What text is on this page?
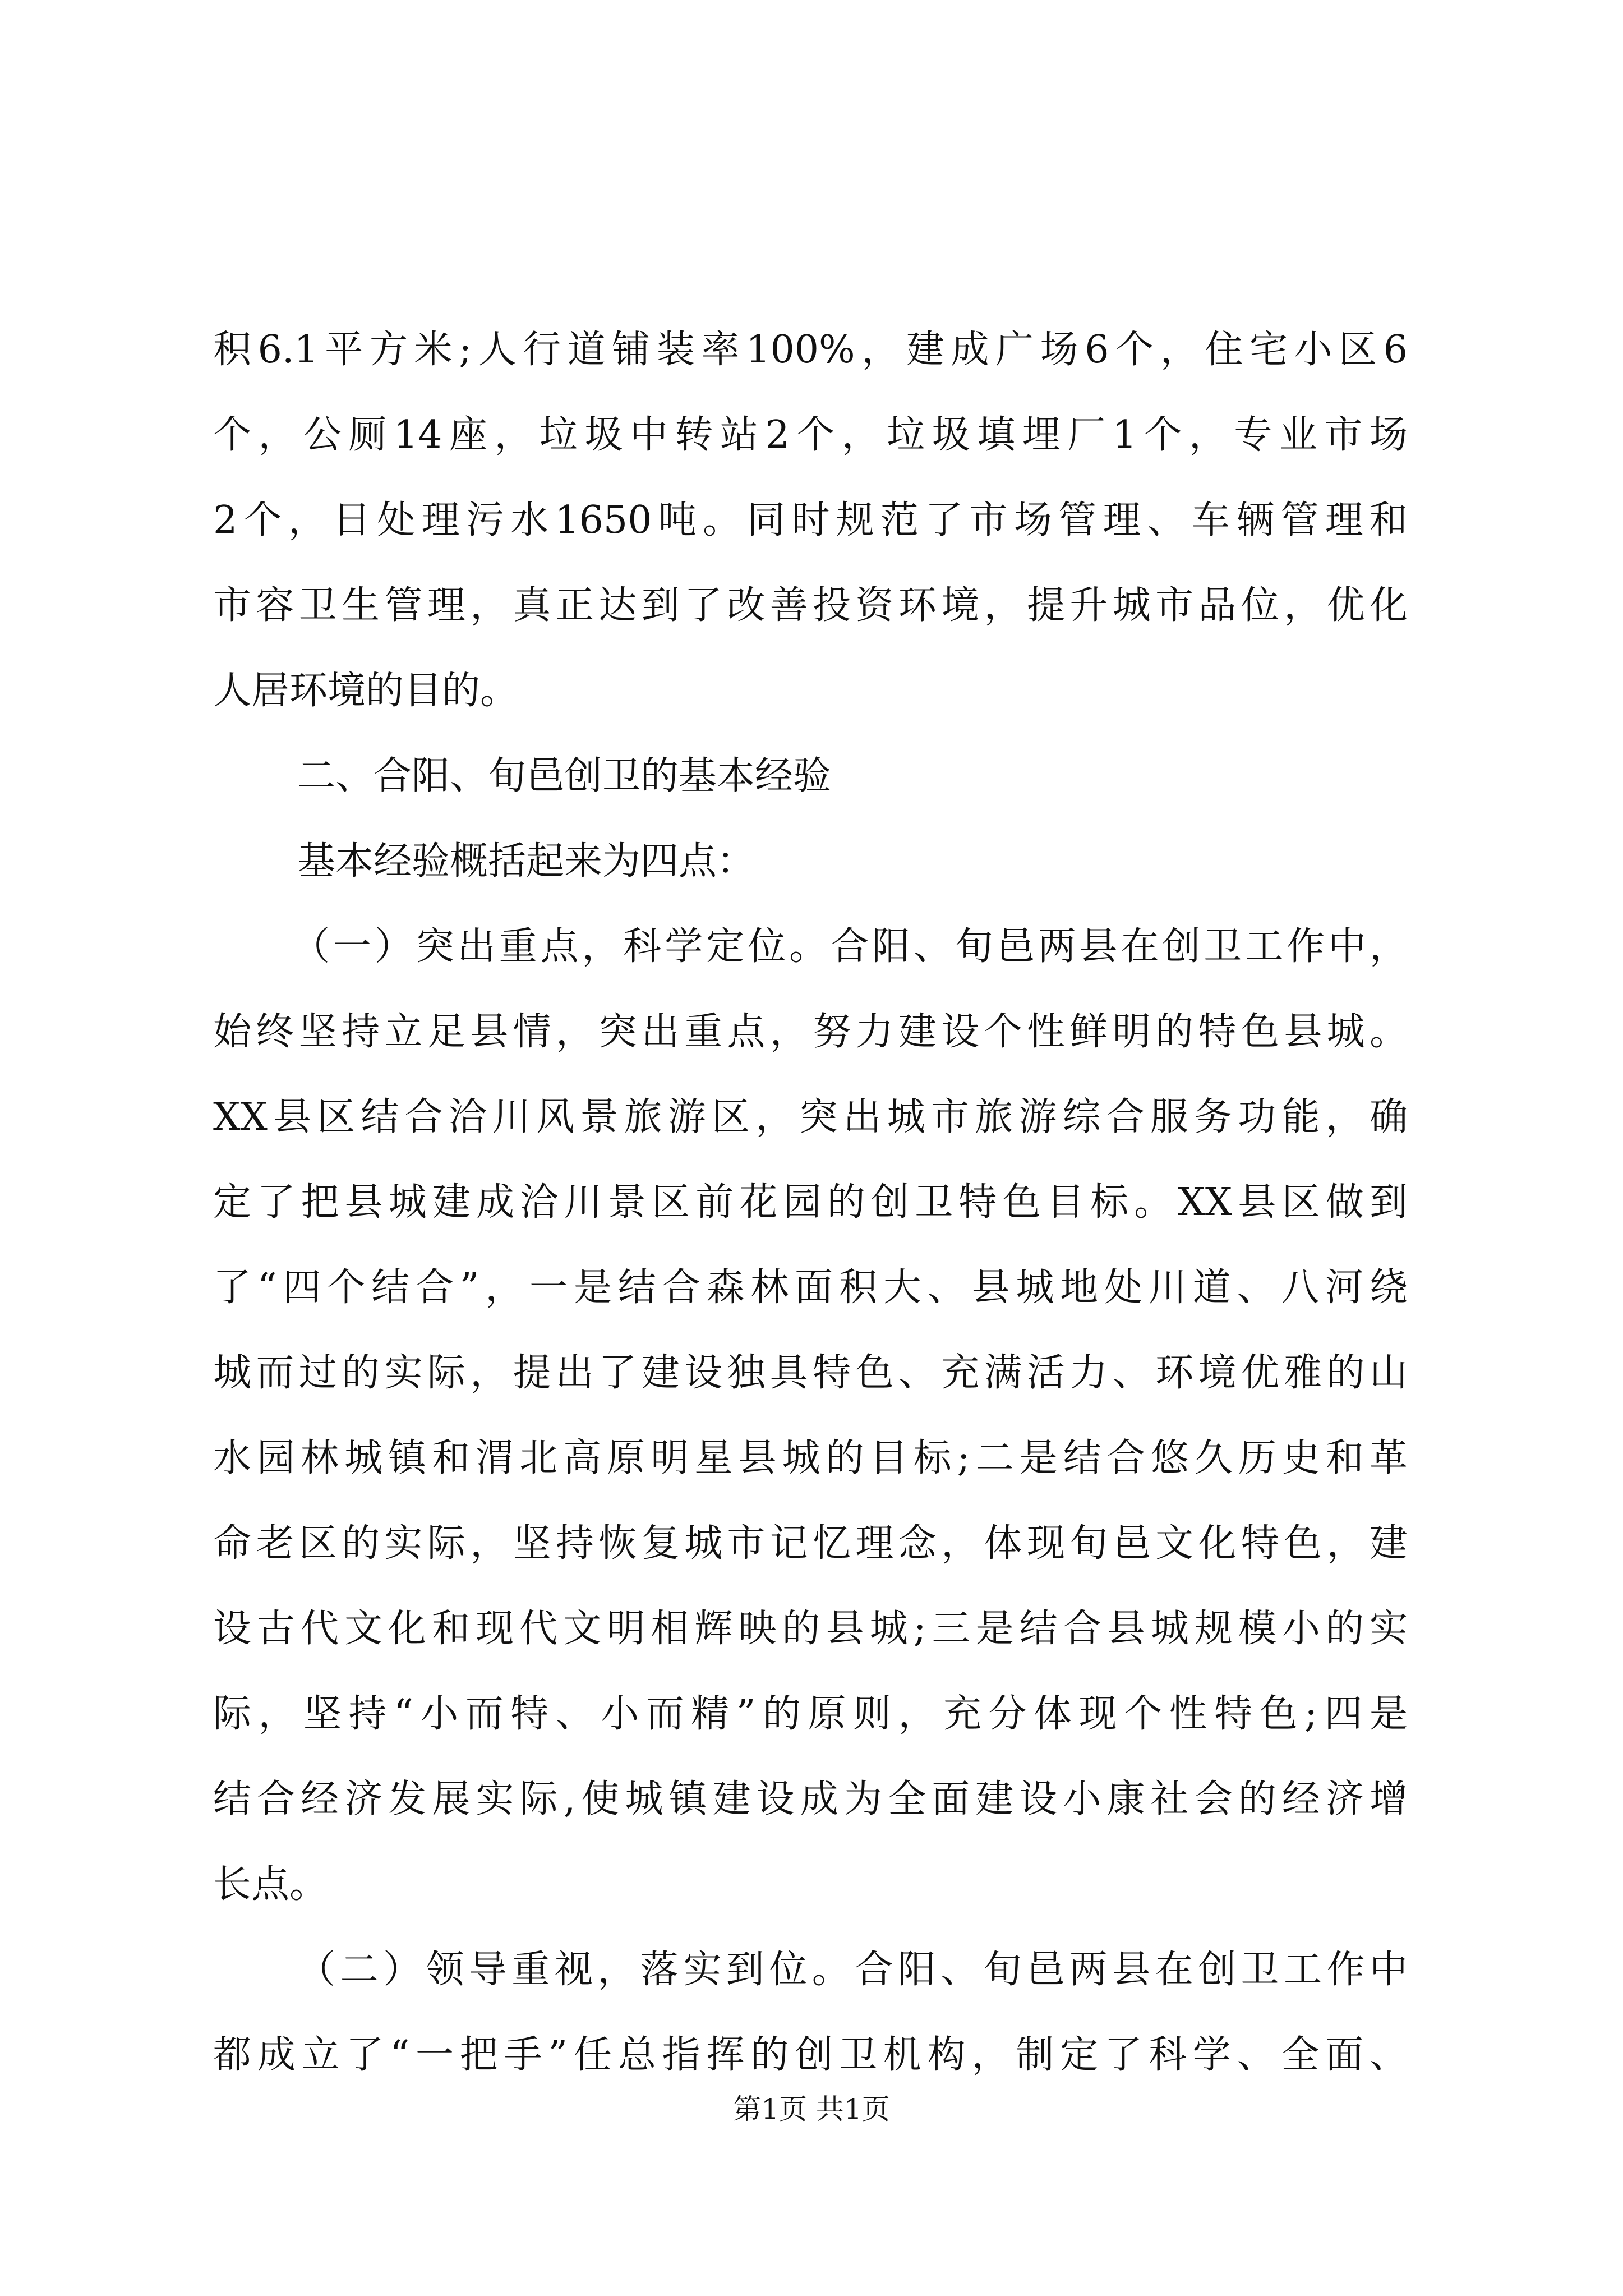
积6.1平方米;人行道铺装率100%，建成广场6个，住宅小区6
个，公厕14座，垃圾中转站2个，垃圾填埋厂1个，专业市场
2个，日处理污水1650吨。同时规范了市场管理、车辆管理和
市容卫生管理，真正达到了改善投资环境，提升城市品位，优化
人居环境的目的。
二、合阳、旬邑创卫的基本经验
基本经验概括起来为四点：
（一）突出重点，科学定位。合阳、旬邑两县在创卫工作中，
始终坚持立足县情，突出重点，努力建设个性鲜明的特色县城。
XX县区结合洽川风景旅游区，突出城市旅游综合服务功能，确
定了把县城建成洽川景区前花园的创卫特色目标。XX县区做到
了“四个结合”，一是结合森林面积大、县城地处川道、八河绕
城而过的实际，提出了建设独具特色、充满活力、环境优雅的山
水园林城镇和渭北高原明星县城的目标;二是结合悠久历史和革
命老区的实际，坚持恢复城市记忆理念，体现旬邑文化特色，建
设古代文化和现代文明相辉映的县城;三是结合县城规模小的实
际，坚持“小而特、小而精”的原则，充分体现个性特色;四是
结合经济发展实际,使城镇建设成为全面建设小康社会的经济增
长点。
（二）领导重视，落实到位。合阳、旬邑两县在创卫工作中
都成立了“一把手”任总指挥的创卫机构，制定了科学、全面、
第1页 共1页
